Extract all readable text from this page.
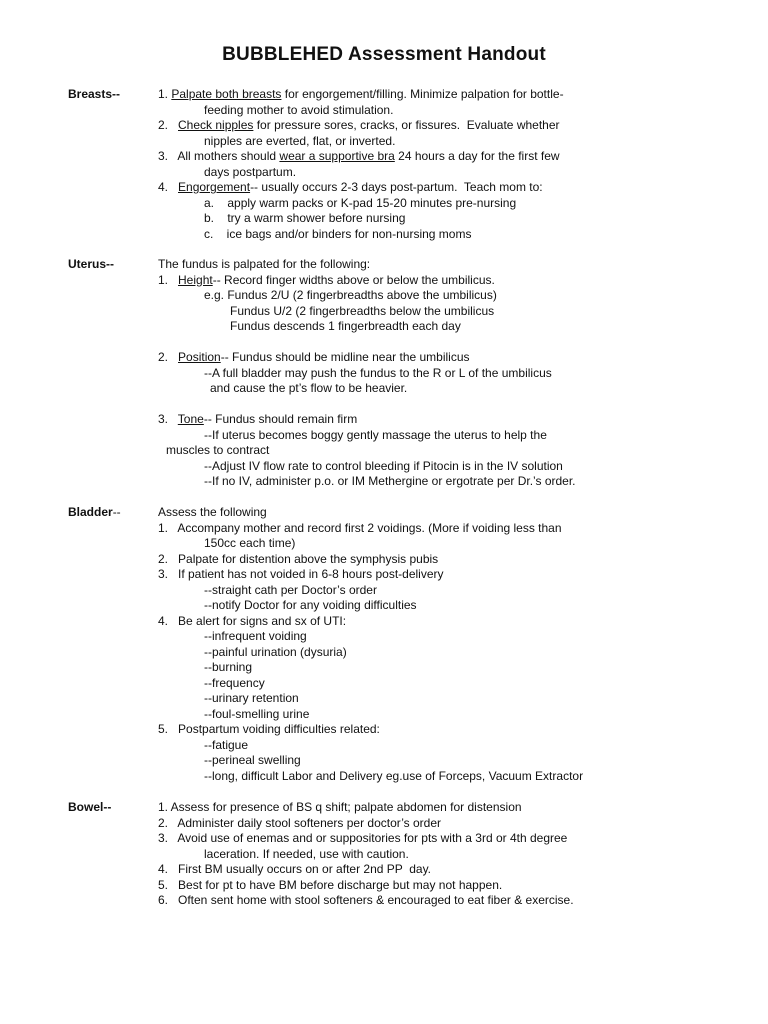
BUBBLEHED Assessment Handout
Breasts--	1. Palpate both breasts for engorgement/filling. Minimize palpation for bottle-
feeding mother to avoid stimulation.
2.   Check nipples for pressure sores, cracks, or fissures.  Evaluate whether
nipples are everted, flat, or inverted.
3.   All mothers should wear a supportive bra 24 hours a day for the first few
days postpartum.
4.   Engorgement-- usually occurs 2-3 days post-partum.  Teach mom to:
a.    apply warm packs or K-pad 15-20 minutes pre-nursing
b.    try a warm shower before nursing
c.    ice bags and/or binders for non-nursing moms
Uterus--	The fundus is palpated for the following:
1.   Height-- Record finger widths above or below the umbilicus.
e.g. Fundus 2/U (2 fingerbreadths above the umbilicus)
Fundus U/2 (2 fingerbreadths below the umbilicus
Fundus descends 1 fingerbreadth each day
2.   Position-- Fundus should be midline near the umbilicus
--A full bladder may push the fundus to the R or L of the umbilicus
and cause the pt’s flow to be heavier.
3.   Tone-- Fundus should remain firm
--If uterus becomes boggy gently massage the uterus to help the
muscles to contract
--Adjust IV flow rate to control bleeding if Pitocin is in the IV solution
--If no IV, administer p.o. or IM Methergine or ergotrate per Dr.’s order.
Bladder--	Assess the following
1.   Accompany mother and record first 2 voidings. (More if voiding less than
150cc each time)
2.   Palpate for distention above the symphysis pubis
3.   If patient has not voided in 6-8 hours post-delivery
--straight cath per Doctor’s order
--notify Doctor for any voiding difficulties
4.   Be alert for signs and sx of UTI:
--infrequent voiding
--painful urination (dysuria)
--burning
--frequency
--urinary retention
--foul-smelling urine
5.   Postpartum voiding difficulties related:
--fatigue
--perineal swelling
--long, difficult Labor and Delivery eg.use of Forceps, Vacuum Extractor
Bowel--	1. Assess for presence of BS q shift; palpate abdomen for distension
2.   Administer daily stool softeners per doctor’s order
3.   Avoid use of enemas and or suppositories for pts with a 3rd or 4th degree
laceration. If needed, use with caution.
4.   First BM usually occurs on or after 2nd PP  day.
5.   Best for pt to have BM before discharge but may not happen.
6.   Often sent home with stool softeners & encouraged to eat fiber & exercise.
